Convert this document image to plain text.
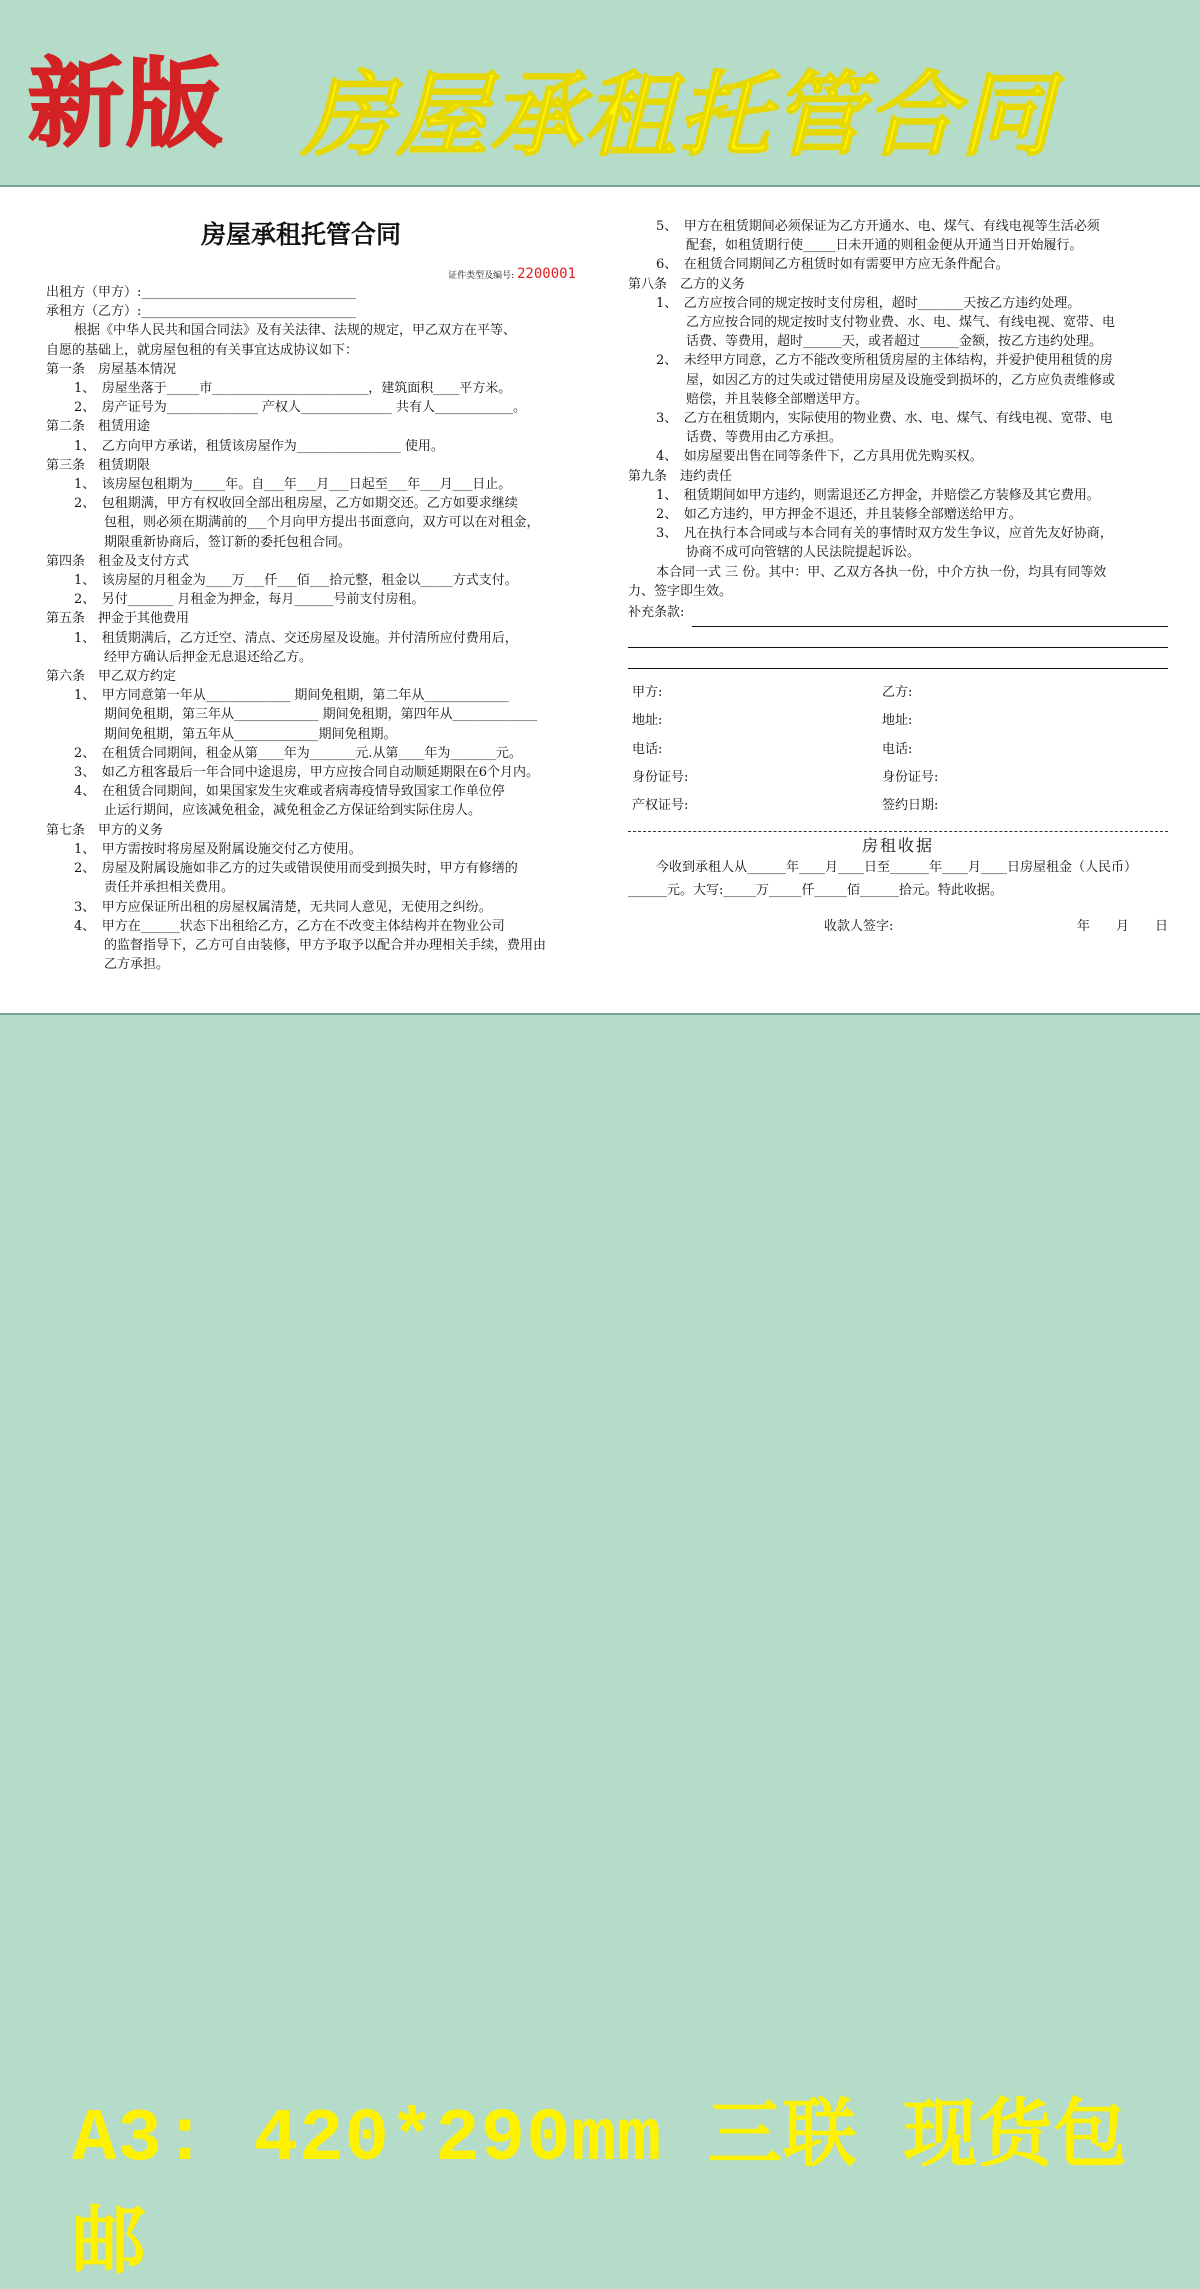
新版 房屋承租托管合同
房屋承租托管合同
证件类型及编号: 2200001
出租方（甲方）:_________________________________
承租方（乙方）:_________________________________
根据《中华人民共和国合同法》及有关法律、法规的规定，甲乙双方在平等、
自愿的基础上，就房屋包租的有关事宜达成协议如下：
第一条　房屋基本情况
1、　房屋坐落于_____市________________________，建筑面积____平方米。
2、　房产证号为______________ 产权人______________ 共有人____________。
第二条　租赁用途
1、　乙方向甲方承诺，租赁该房屋作为________________ 使用。
第三条　租赁期限
1、　该房屋包租期为_____年。自___年___月___日起至___年___月___日止。
2、　包租期满，甲方有权收回全部出租房屋，乙方如期交还。乙方如要求继续
包租，则必须在期满前的___个月向甲方提出书面意向，双方可以在对租金，
期限重新协商后，签订新的委托包租合同。
第四条　租金及支付方式
1、　该房屋的月租金为____万___仟___佰___拾元整，租金以_____方式支付。
2、　另付_______ 月租金为押金，每月______号前支付房租。
第五条　押金于其他费用
1、　租赁期满后，乙方迁空、清点、交还房屋及设施。并付清所应付费用后，
经甲方确认后押金无息退还给乙方。
第六条　甲乙双方约定
1、　甲方同意第一年从_____________ 期间免租期，第二年从_____________
期间免租期，第三年从_____________ 期间免租期，第四年从_____________
期间免租期，第五年从_____________期间免租期。
2、　在租赁合同期间，租金从第____年为_______元.从第____年为_______元。
3、　如乙方租客最后一年合同中途退房，甲方应按合同自动顺延期限在6个月内。
4、　在租赁合同期间，如果国家发生灾难或者病毒疫情导致国家工作单位停
止运行期间，应该减免租金，减免租金乙方保证给到实际住房人。
第七条　甲方的义务
1、　甲方需按时将房屋及附属设施交付乙方使用。
2、　房屋及附属设施如非乙方的过失或错误使用而受到损失时，甲方有修缮的
责任并承担相关费用。
3、　甲方应保证所出租的房屋权属清楚，无共同人意见，无使用之纠纷。
4、　甲方在______状态下出租给乙方，乙方在不改变主体结构并在物业公司
的监督指导下，乙方可自由装修，甲方予取予以配合并办理相关手续，费用由
乙方承担。
5、　甲方在租赁期间必须保证为乙方开通水、电、煤气、有线电视等生活必须
配套，如租赁期行使_____日未开通的则租金便从开通当日开始履行。
6、　在租赁合同期间乙方租赁时如有需要甲方应无条件配合。
第八条　乙方的义务
1、　乙方应按合同的规定按时支付房租，超时_______天按乙方违约处理。
乙方应按合同的规定按时支付物业费、水、电、煤气、有线电视、宽带、电
话费、等费用，超时______天，或者超过______金额，按乙方违约处理。
2、　未经甲方同意，乙方不能改变所租赁房屋的主体结构，并爱护使用租赁的房
屋，如因乙方的过失或过错使用房屋及设施受到损坏的，乙方应负责维修或
赔偿，并且装修全部赠送甲方。
3、　乙方在租赁期内，实际使用的物业费、水、电、煤气、有线电视、宽带、电
话费、等费用由乙方承担。
4、　如房屋要出售在同等条件下，乙方具用优先购买权。
第九条　违约责任
1、　租赁期间如甲方违约，则需退还乙方押金，并赔偿乙方装修及其它费用。
2、　如乙方违约，甲方押金不退还，并且装修全部赠送给甲方。
3、　凡在执行本合同或与本合同有关的事情时双方发生争议，应首先友好协商，
协商不成可向管辖的人民法院提起诉讼。
本合同一式 三 份。其中：甲、乙双方各执一份，中介方执一份，均具有同等效
力、签字即生效。
补充条款:
甲方:	乙方:
地址:	地址:
电话:	电话:
身份证号:	身份证号:
产权证号:	签约日期:
房租收据
今收到承租人从______年____月____日至______年____月____日房屋租金（人民币）
______元。大写:_____万_____仟_____佰______拾元。特此收据。
收款人签字:	年　　月　　日
A3: 420*290mm 三联 现货包邮
